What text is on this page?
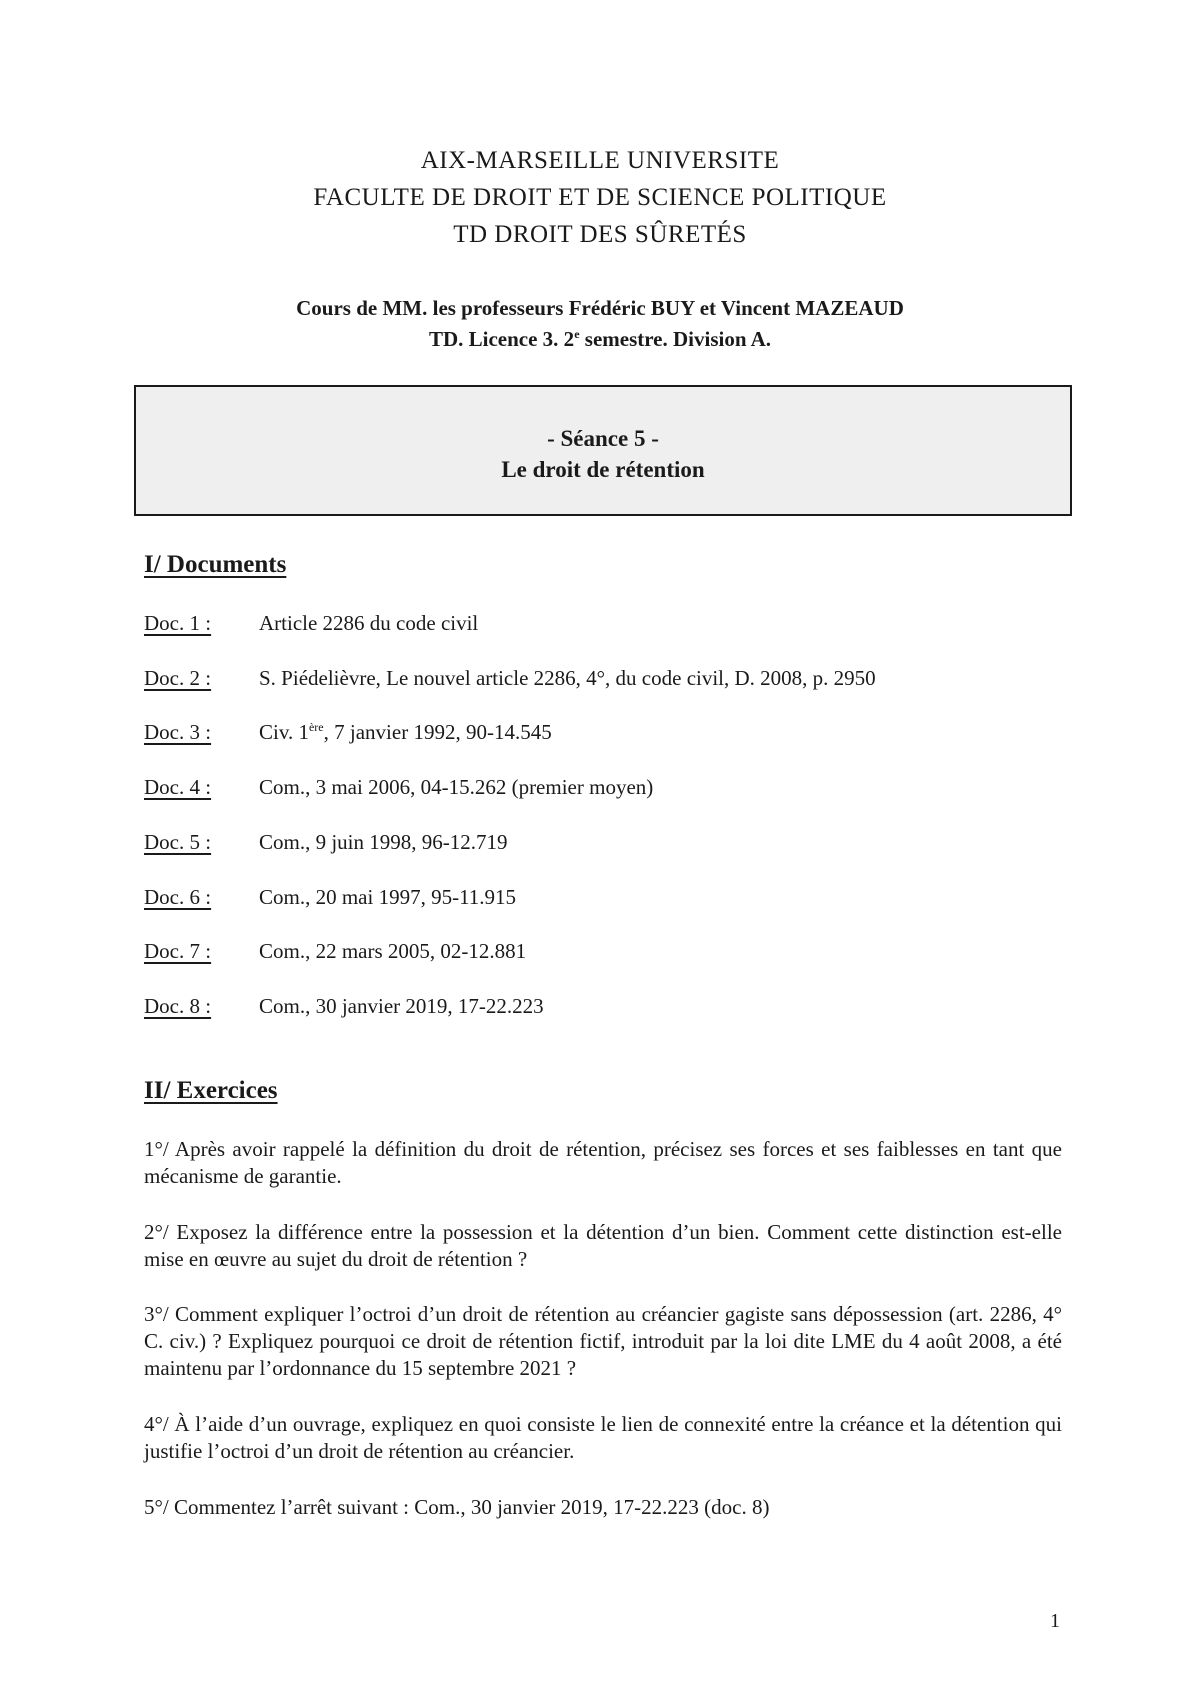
AIX-MARSEILLE UNIVERSITE
FACULTE DE DROIT ET DE SCIENCE POLITIQUE
TD DROIT DES SÛRETÉS
Cours de MM. les professeurs Frédéric BUY et Vincent MAZEAUD
TD. Licence 3. 2e semestre. Division A.
- Séance 5 -
Le droit de rétention
I/ Documents
Doc. 1 : Article 2286 du code civil
Doc. 2 : S. Piédelièvre, Le nouvel article 2286, 4°, du code civil, D. 2008, p. 2950
Doc. 3 : Civ. 1ère, 7 janvier 1992, 90-14.545
Doc. 4 : Com., 3 mai 2006, 04-15.262 (premier moyen)
Doc. 5 : Com., 9 juin 1998, 96-12.719
Doc. 6 : Com., 20 mai 1997, 95-11.915
Doc. 7 : Com., 22 mars 2005, 02-12.881
Doc. 8 : Com., 30 janvier 2019, 17-22.223
II/ Exercices
1°/ Après avoir rappelé la définition du droit de rétention, précisez ses forces et ses faiblesses en tant que mécanisme de garantie.
2°/ Exposez la différence entre la possession et la détention d’un bien. Comment cette distinction est-elle mise en œuvre au sujet du droit de rétention ?
3°/ Comment expliquer l’octroi d’un droit de rétention au créancier gagiste sans dépossession (art. 2286, 4° C. civ.) ? Expliquez pourquoi ce droit de rétention fictif, introduit par la loi dite LME du 4 août 2008, a été maintenu par l’ordonnance du 15 septembre 2021 ?
4°/ À l’aide d’un ouvrage, expliquez en quoi consiste le lien de connexité entre la créance et la détention qui justifie l’octroi d’un droit de rétention au créancier.
5°/ Commentez l’arrêt suivant : Com., 30 janvier 2019, 17-22.223 (doc. 8)
1
